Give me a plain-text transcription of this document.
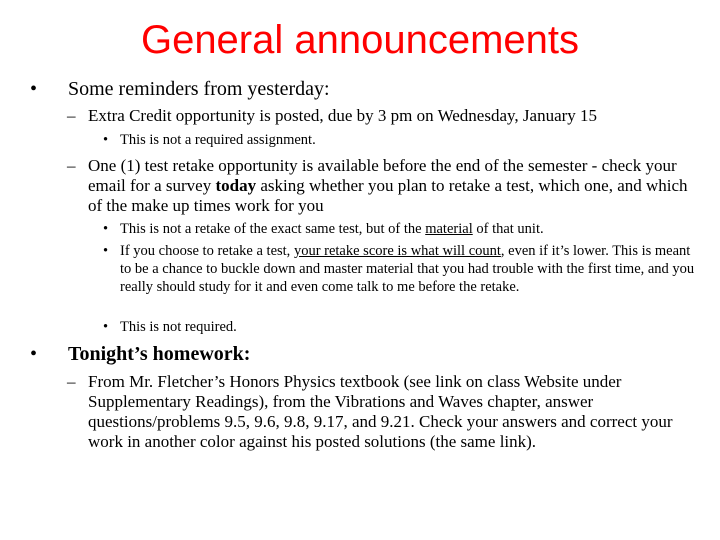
General announcements
• Some reminders from yesterday:
– Extra Credit opportunity is posted, due by 3 pm on Wednesday, January 15
• This is not a required assignment.
– One (1) test retake opportunity is available before the end of the semester - check your email for a survey today asking whether you plan to retake a test, which one, and which of the make up times work for you
• This is not a retake of the exact same test, but of the material of that unit.
• If you choose to retake a test, your retake score is what will count, even if it’s lower. This is meant to be a chance to buckle down and master material that you had trouble with the first time, and you really should study for it and even come talk to me before the retake.
• This is not required.
• Tonight’s homework:
– From Mr. Fletcher’s Honors Physics textbook (see link on class Website under Supplementary Readings), from the Vibrations and Waves chapter, answer questions/problems 9.5, 9.6, 9.8, 9.17, and 9.21. Check your answers and correct your work in another color against his posted solutions (the same link).
